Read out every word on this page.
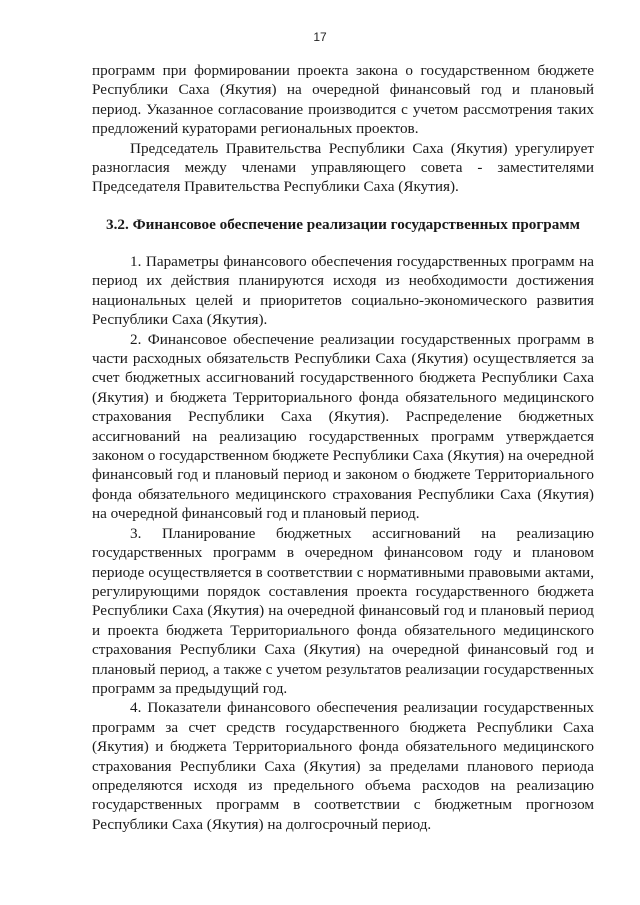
17

программ при формировании проекта закона о государственном бюджете Республики Саха (Якутия) на очередной финансовый год и плановый период. Указанное согласование производится с учетом рассмотрения таких предложений кураторами региональных проектов.

Председатель Правительства Республики Саха (Якутия) урегулирует разногласия между членами управляющего совета - заместителями Председателя Правительства Республики Саха (Якутия).

3.2. Финансовое обеспечение реализации государственных программ

1. Параметры финансового обеспечения государственных программ на период их действия планируются исходя из необходимости достижения национальных целей и приоритетов социально-экономического развития Республики Саха (Якутия).

2. Финансовое обеспечение реализации государственных программ в части расходных обязательств Республики Саха (Якутия) осуществляется за счет бюджетных ассигнований государственного бюджета Республики Саха (Якутия) и бюджета Территориального фонда обязательного медицинского страхования Республики Саха (Якутия). Распределение бюджетных ассигнований на реализацию государственных программ утверждается законом о государственном бюджете Республики Саха (Якутия) на очередной финансовый год и плановый период и законом о бюджете Территориального фонда обязательного медицинского страхования Республики Саха (Якутия) на очередной финансовый год и плановый период.

3. Планирование бюджетных ассигнований на реализацию государственных программ в очередном финансовом году и плановом периоде осуществляется в соответствии с нормативными правовыми актами, регулирующими порядок составления проекта государственного бюджета Республики Саха (Якутия) на очередной финансовый год и плановый период и проекта бюджета Территориального фонда обязательного медицинского страхования Республики Саха (Якутия) на очередной финансовый год и плановый период, а также с учетом результатов реализации государственных программ за предыдущий год.

4. Показатели финансового обеспечения реализации государственных программ за счет средств государственного бюджета Республики Саха (Якутия) и бюджета Территориального фонда обязательного медицинского страхования Республики Саха (Якутия) за пределами планового периода определяются исходя из предельного объема расходов на реализацию государственных программ в соответствии с бюджетным прогнозом Республики Саха (Якутия) на долгосрочный период.
